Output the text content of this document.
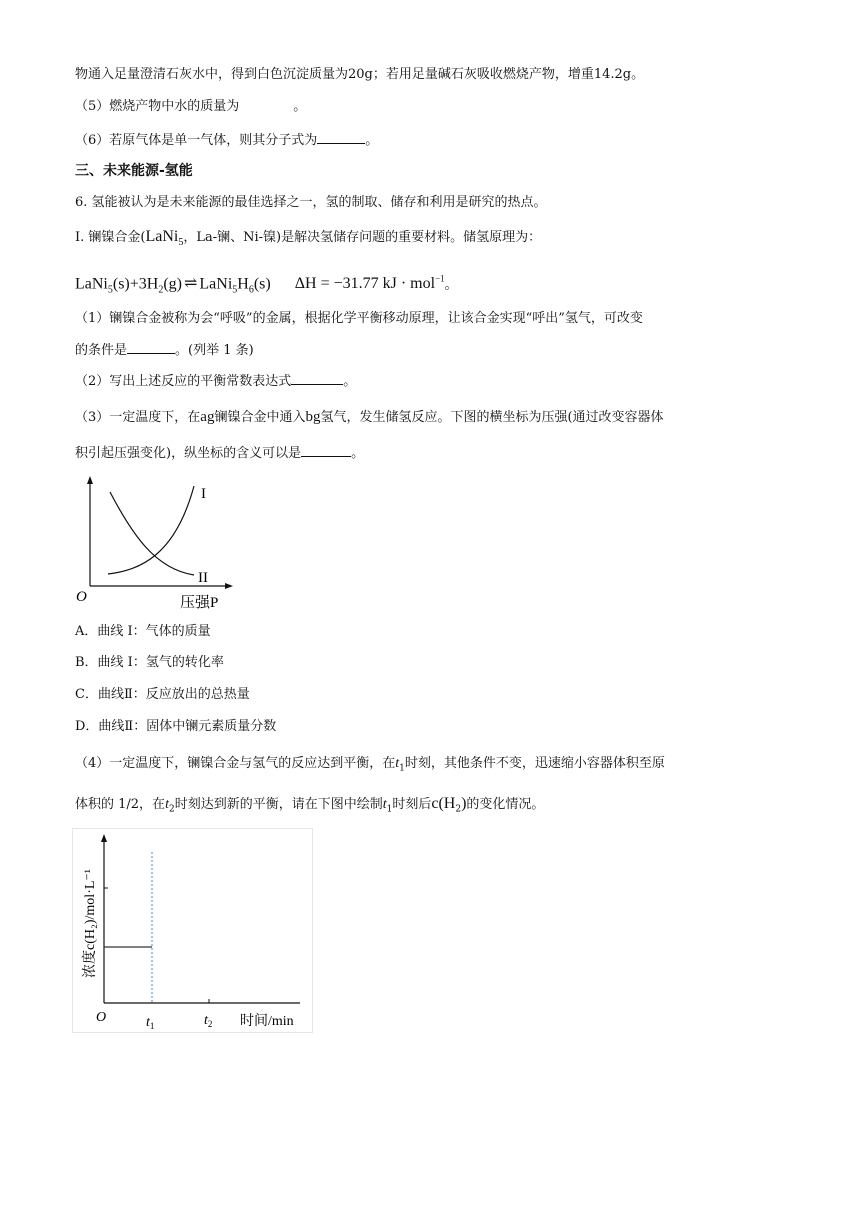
物通入足量澄清石灰水中，得到白色沉淀质量为20g；若用足量碱石灰吸收燃烧产物，增重14.2g。
（5）燃烧产物中水的质量为	。
（6）若原气体是单一气体，则其分子式为	。
三、未来能源-氢能
6. 氢能被认为是未来能源的最佳选择之一，氢的制取、储存和利用是研究的热点。
I. 镧镍合金(LaNi$_5$，La-镧、Ni-镍)是解决氢储存问题的重要材料。储氢原理为：
$LaNi_5(s)+3H_2(g)$ ⇌ $LaNi_5H_6(s) \Delta H = -31.77$ kJ · mol$^{-1}$。
（1）镧镍合金被称为会“呼吸”的金属，根据化学平衡移动原理，让该合金实现“呼出”氢气，可改变
的条件是	。(列举 1 条)
（2）写出上述反应的平衡常数表达式	。
（3）一定温度下，在ag镧镍合金中通入bg氢气，发生储氢反应。下图的横坐标为压强(通过改变容器体
积引起压强变化)，纵坐标的含义可以是	。
O	压强P
I
II
A．曲线 I：气体的质量
B．曲线 I：氢气的转化率
C．曲线Ⅱ：反应放出的总热量
D．曲线Ⅱ：固体中镧元素质量分数
（4）一定温度下，镧镍合金与氢气的反应达到平衡，在$t_1$时刻，其他条件不变，迅速缩小容器体积至原
体积的 1/2，在$t_2$时刻达到新的平衡，请在下图中绘制$t_1$时刻后$c(H_2)$的变化情况。
浓度c(H₂)/mol·L⁻¹
O	$t_1$	$t_2$ 时间/min
